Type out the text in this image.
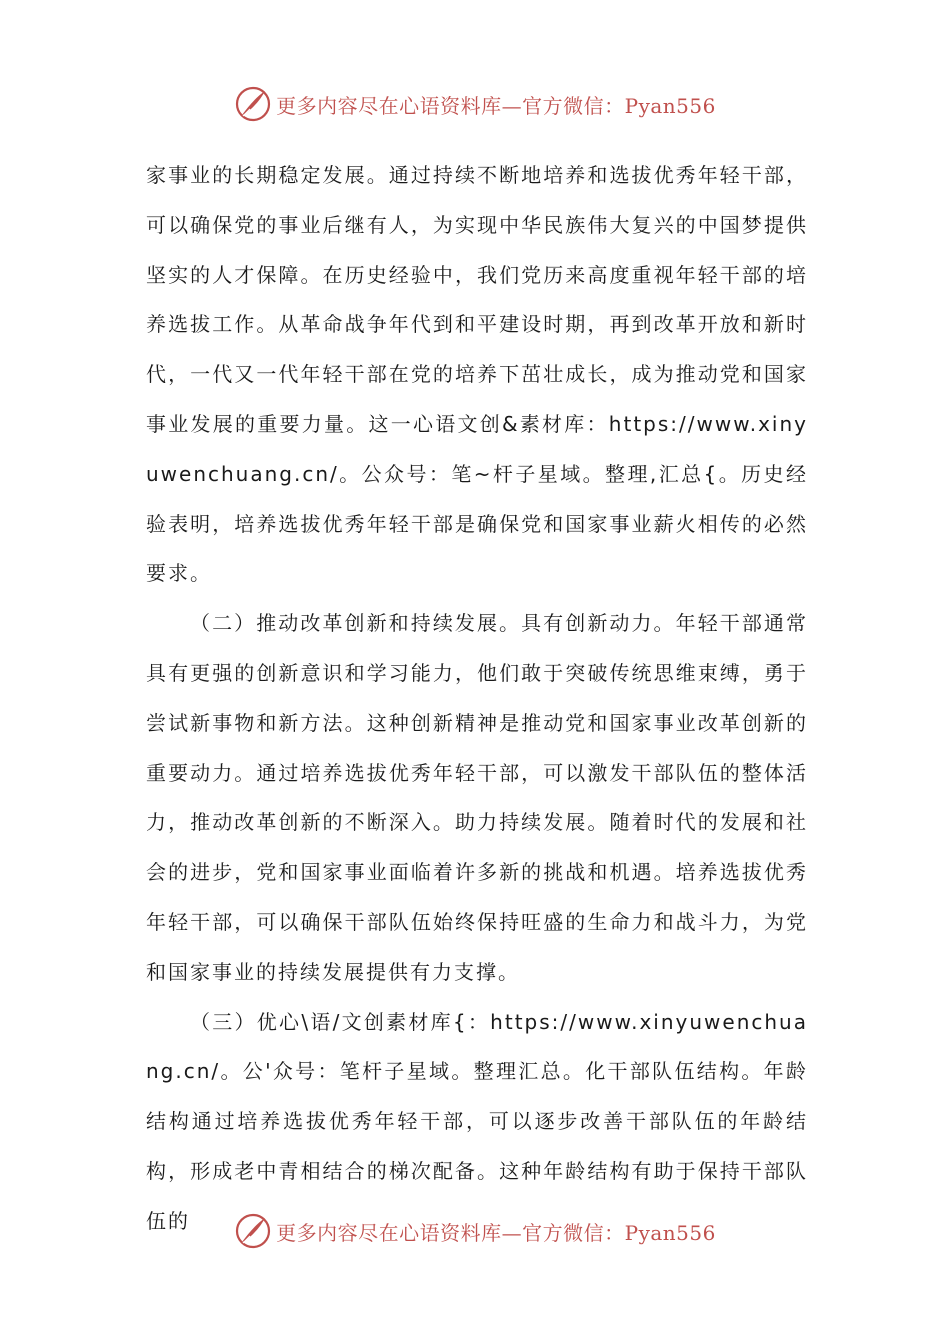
更多内容尽在心语资料库—官方微信：Pyan556

家事业的长期稳定发展。通过持续不断地培养和选拔优秀年轻干部，可以确保党的事业后继有人，为实现中华民族伟大复兴的中国梦提供坚实的人才保障。在历史经验中，我们党历来高度重视年轻干部的培养选拔工作。从革命战争年代到和平建设时期，再到改革开放和新时代，一代又一代年轻干部在党的培养下茁壮成长，成为推动党和国家事业发展的重要力量。这一心语文创&素材库：https://www.xinyuwenchuang.cn/。公众号：笔~杆子星域。整理,汇总{。历史经验表明，培养选拔优秀年轻干部是确保党和国家事业薪火相传的必然要求。

（二）推动改革创新和持续发展。具有创新动力。年轻干部通常具有更强的创新意识和学习能力，他们敢于突破传统思维束缚，勇于尝试新事物和新方法。这种创新精神是推动党和国家事业改革创新的重要动力。通过培养选拔优秀年轻干部，可以激发干部队伍的整体活力，推动改革创新的不断深入。助力持续发展。随着时代的发展和社会的进步，党和国家事业面临着许多新的挑战和机遇。培养选拔优秀年轻干部，可以确保干部队伍始终保持旺盛的生命力和战斗力，为党和国家事业的持续发展提供有力支撑。

（三）优心\语/文创素材库{：https://www.xinyuwenchuang.cn/。公'众号：笔杆子星域。整理汇总。化干部队伍结构。年龄结构通过培养选拔优秀年轻干部，可以逐步改善干部队伍的年龄结构，形成老中青相结合的梯次配备。这种年龄结构有助于保持干部队伍的	更多内容尽在心语资料库—官方微信：Pyan556
